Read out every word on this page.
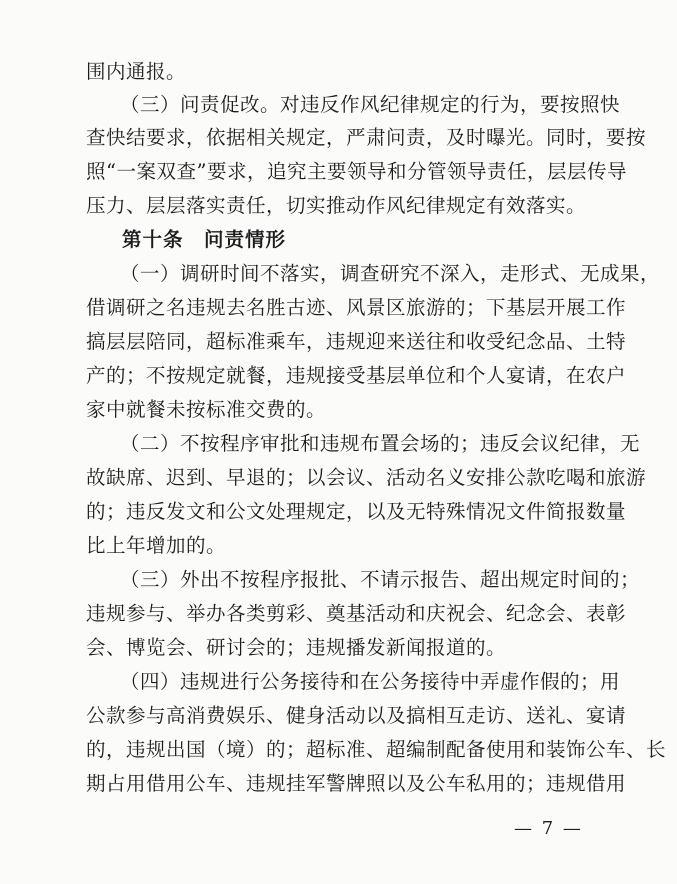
围内通报。
（三）问责促改。对违反作风纪律规定的行为，要按照快
查快结要求，依据相关规定，严肃问责，及时曝光。同时，要按
照“一案双查”要求，追究主要领导和分管领导责任，层层传导
压力、层层落实责任，切实推动作风纪律规定有效落实。
第十条　问责情形
（一）调研时间不落实，调查研究不深入，走形式、无成果，
借调研之名违规去名胜古迹、风景区旅游的；下基层开展工作
搞层层陪同，超标准乘车，违规迎来送往和收受纪念品、土特
产的；不按规定就餐，违规接受基层单位和个人宴请，在农户
家中就餐未按标准交费的。
（二）不按程序审批和违规布置会场的；违反会议纪律，无
故缺席、迟到、早退的；以会议、活动名义安排公款吃喝和旅游
的；违反发文和公文处理规定，以及无特殊情况文件简报数量
比上年增加的。
（三）外出不按程序报批、不请示报告、超出规定时间的；
违规参与、举办各类剪彩、奠基活动和庆祝会、纪念会、表彰
会、博览会、研讨会的；违规播发新闻报道的。
（四）违规进行公务接待和在公务接待中弄虚作假的；用
公款参与高消费娱乐、健身活动以及搞相互走访、送礼、宴请
的，违规出国（境）的；超标准、超编制配备使用和装饰公车、长
期占用借用公车、违规挂军警牌照以及公车私用的；违规借用
— 7 —
